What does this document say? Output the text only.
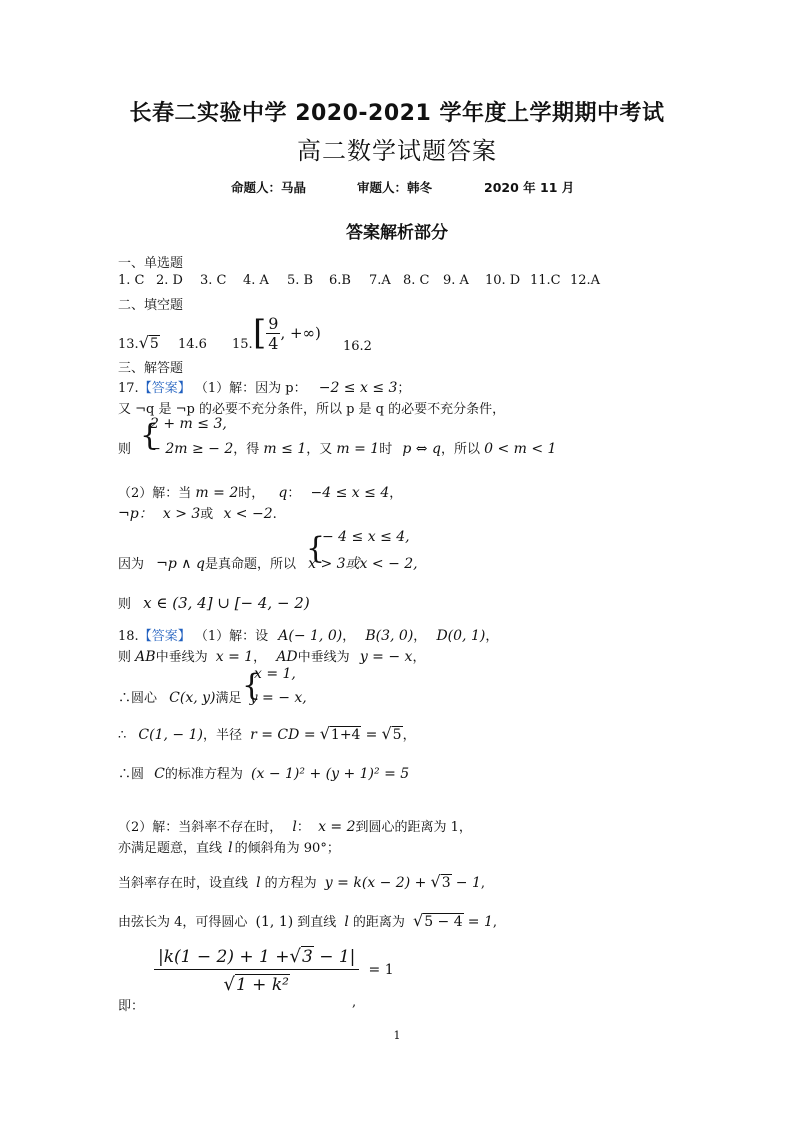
长春二实验中学 2020-2021 学年度上学期期中考试
高二数学试题答案
命题人：马晶	审题人：韩冬	2020 年 11 月
答案解析部分
一、单选题
1. C 2. D 3. C 4. A 5. B 6.B 7.A 8. C 9. A 10. D 11.C 12.A
二、填空题
13.√5 14.6 15. [ $\frac{9}{4}$ , +∞)
16.2
三、解答题
17.【答案】 （1）解：因为 p： −2 ≤ x ≤ 3；
又 ¬q 是 ¬p 的必要不充分条件，所以 p 是 q 的必要不充分条件，
{
2 + m ≤ 3,
则 − 2m ≥ − 2，得 m ≤ 1，又 m = 1时 p ⇔ q，所以 0 < m < 1
（2）解：当 m = 2时， q： −4 ≤ x ≤ 4，
¬p： x > 3或 x < −2.
{
− 4 ≤ x ≤ 4,
因为 ¬p ∧ q是真命题，所以 x > 3或x < − 2,
则 x ∈ (3, 4] ∪ [− 4, − 2)
18.【答案】 （1）解：设 A(− 1, 0)， B(3, 0)， D(0, 1)，
则 AB中垂线为 x = 1， AD中垂线为 y = − x，
{
x = 1,
∴圆心 C(x, y)满足 y = − x,
∴ C(1, − 1)，半径 r = CD = √1+4 = √5，
∴圆 C的标准方程为 (x − 1)² + (y + 1)² = 5
（2）解：当斜率不存在时， l： x = 2到圆心的距离为 1，
亦满足题意，直线 l 的倾斜角为 90°；
当斜率存在时，设直线 l 的方程为 y = k(x − 2) + √3 − 1,
由弦长为 4，可得圆心 (1, 1) 到直线 l 的距离为 √5 − 4 = 1,
$\frac{|k(1 - 2) + 1 +√3 - 1|}{\text{√1 + k²}} = 1$
即：	,
1
